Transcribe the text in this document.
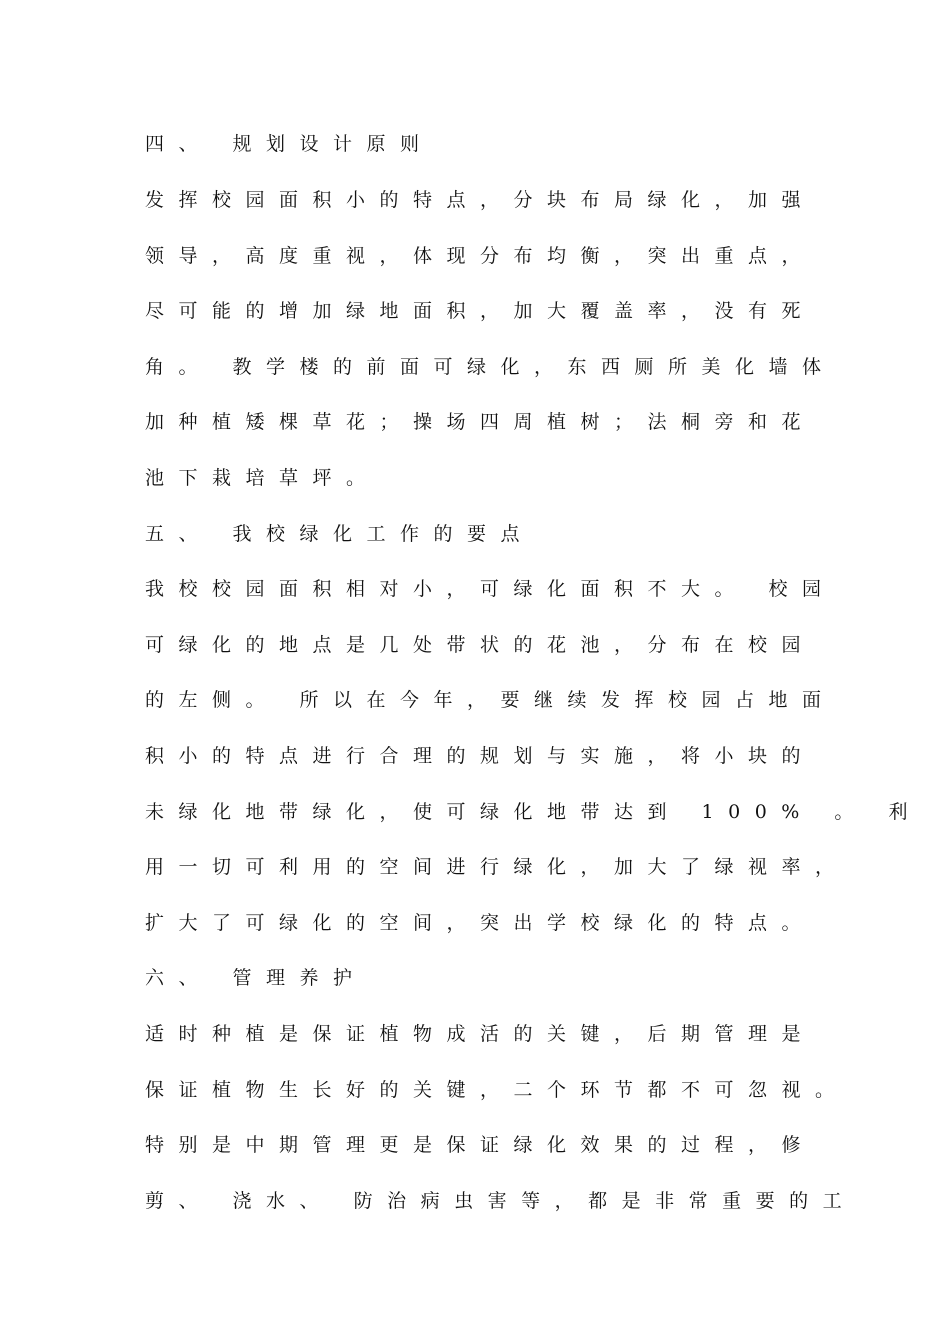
四、 规划设计原则
发挥校园面积小的特点，分块布局绿化，加强
领导，高度重视，体现分布均衡，突出重点，
尽可能的增加绿地面积，加大覆盖率，没有死
角。 教学楼的前面可绿化，东西厕所美化墙体
加种植矮棵草花；操场四周植树；法桐旁和花
池下栽培草坪。
五、 我校绿化工作的要点
我校校园面积相对小，可绿化面积不大。 校园
可绿化的地点是几处带状的花池，分布在校园
的左侧。 所以在今年，要继续发挥校园占地面
积小的特点进行合理的规划与实施，将小块的
未绿化地带绿化，使可绿化地带达到 100% 。 利
用一切可利用的空间进行绿化，加大了绿视率，
扩大了可绿化的空间，突出学校绿化的特点。
六、 管理养护
适时种植是保证植物成活的关键，后期管理是
保证植物生长好的关键，二个环节都不可忽视。
特别是中期管理更是保证绿化效果的过程，修
剪、 浇水、 防治病虫害等，都是非常重要的工
